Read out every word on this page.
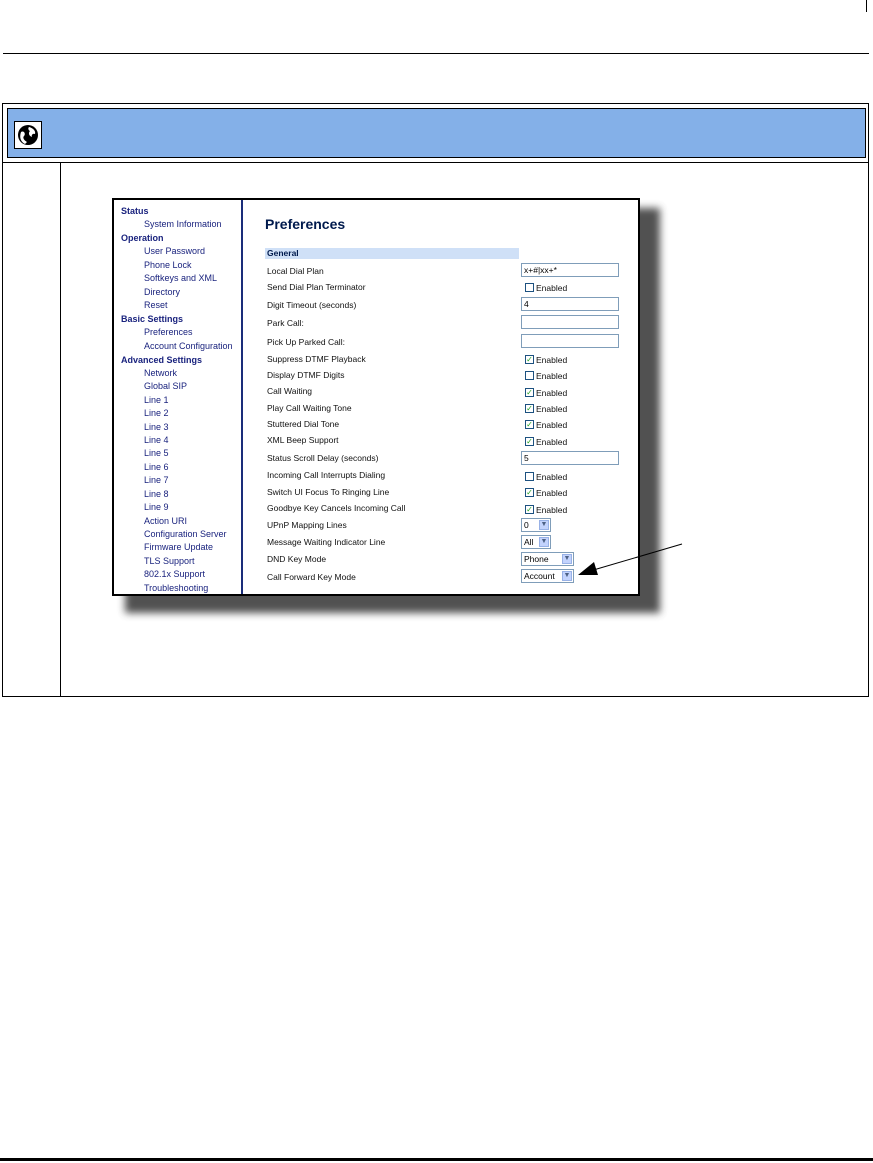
Status
System Information
Operation
User Password
Phone Lock
Softkeys and XML
Directory
Reset
Basic Settings
Preferences
Account Configuration
Advanced Settings
Network
Global SIP
Line 1
Line 2
Line 3
Line 4
Line 5
Line 6
Line 7
Line 8
Line 9
Action URI
Configuration Server
Firmware Update
TLS Support
802.1x Support
Troubleshooting
Preferences
General
Local Dial Plan	x+#|xx+*
Send Dial Plan Terminator	Enabled
Digit Timeout (seconds)	4
Park Call:
Pick Up Parked Call:
Suppress DTMF Playback	✓ Enabled
Display DTMF Digits	Enabled
Call Waiting	✓ Enabled
Play Call Waiting Tone	✓ Enabled
Stuttered Dial Tone	✓ Enabled
XML Beep Support	✓ Enabled
Status Scroll Delay (seconds)	5
Incoming Call Interrupts Dialing	Enabled
Switch UI Focus To Ringing Line	✓ Enabled
Goodbye Key Cancels Incoming Call	✓ Enabled
UPnP Mapping Lines	0 ▼
Message Waiting Indicator Line	All ▼
DND Key Mode	Phone ▼
Call Forward Key Mode	Account ▼
